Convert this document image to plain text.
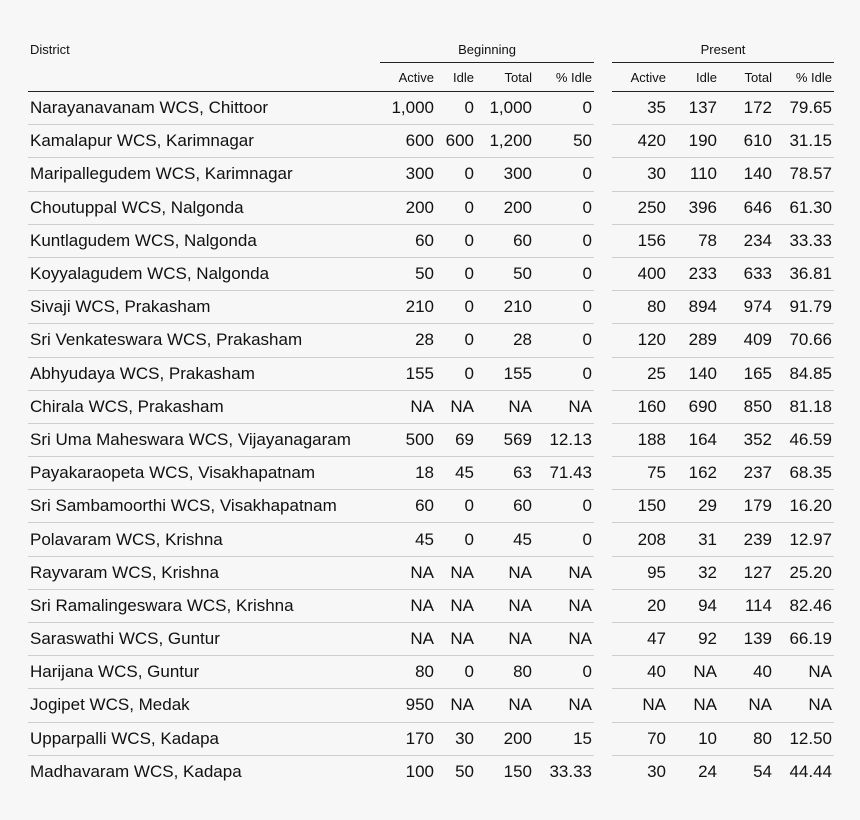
District	Beginning					Present			
	Active	Idle	Total	% Idle		Active	Idle	Total	% Idle
Narayanavanam WCS, Chittoor	1,000	0	1,000	0		35	137	172	79.65
Kamalapur WCS, Karimnagar	600	600	1,200	50		420	190	610	31.15
Maripallegudem WCS, Karimnagar	300	0	300	0		30	110	140	78.57
Choutuppal WCS, Nalgonda	200	0	200	0		250	396	646	61.30
Kuntlagudem WCS, Nalgonda	60	0	60	0		156	78	234	33.33
Koyyalagudem WCS, Nalgonda	50	0	50	0		400	233	633	36.81
Sivaji WCS, Prakasham	210	0	210	0		80	894	974	91.79
Sri Venkateswara WCS, Prakasham	28	0	28	0		120	289	409	70.66
Abhyudaya WCS, Prakasham	155	0	155	0		25	140	165	84.85
Chirala WCS, Prakasham	NA	NA	NA	NA		160	690	850	81.18
Sri Uma Maheswara WCS, Vijayanagaram	500	69	569	12.13		188	164	352	46.59
Payakaraopeta WCS, Visakhapatnam	18	45	63	71.43		75	162	237	68.35
Sri Sambamoorthi WCS, Visakhapatnam	60	0	60	0		150	29	179	16.20
Polavaram WCS, Krishna	45	0	45	0		208	31	239	12.97
Rayvaram WCS, Krishna	NA	NA	NA	NA		95	32	127	25.20
Sri Ramalingeswara WCS, Krishna	NA	NA	NA	NA		20	94	114	82.46
Saraswathi WCS, Guntur	NA	NA	NA	NA		47	92	139	66.19
Harijana WCS, Guntur	80	0	80	0		40	NA	40	NA
Jogipet WCS, Medak	950	NA	NA	NA		NA	NA	NA	NA
Upparpalli WCS, Kadapa	170	30	200	15		70	10	80	12.50
Madhavaram WCS, Kadapa	100	50	150	33.33		30	24	54	44.44
